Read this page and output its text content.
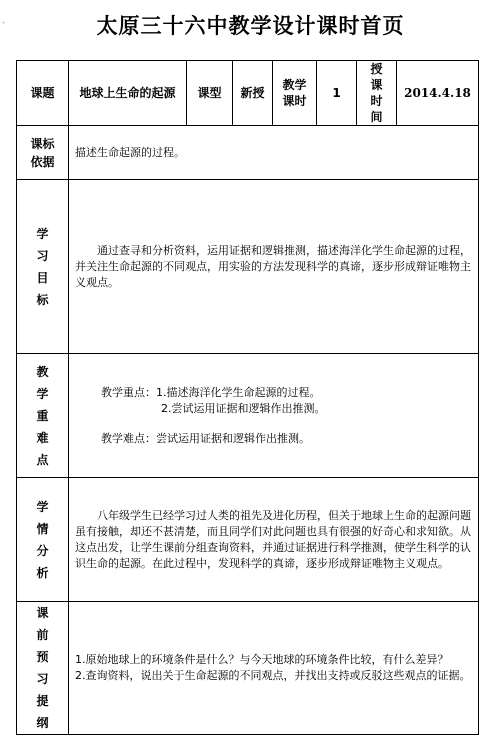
-	太原三十六中教学设计课时首页
课题	地球上生命的起源	课型	新授	教学课时	1	授课时间	2014.4.18
课标依据	描述生命起源的过程。						
学习目标	通过查寻和分析资料，运用证据和逻辑推测，描述海洋化学生命起源的过程，并关注生命起源的不同观点，用实验的方法发现科学的真谛，逐步形成辩证唯物主义观点。						

教学重难点	教学重点：1.描述海洋化学生命起源的过程。
2.尝试运用证据和逻辑作出推测。
教学难点：尝试运用证据和逻辑作出推测。						

学情分析	八年级学生已经学习过人类的祖先及进化历程，但关于地球上生命的起源问题虽有接触，却还不甚清楚，而且同学们对此问题也具有很强的好奇心和求知欲。从这点出发，让学生课前分组查询资料，并通过证据进行科学推测，使学生科学的认识生命的起源。在此过程中，发现科学的真谛，逐步形成辩证唯物主义观点。						

课前预习提纲	1.原始地球上的环境条件是什么？与今天地球的环境条件比较，有什么差异？
2.查询资料，说出关于生命起源的不同观点，并找出支持或反驳这些观点的证据。						
